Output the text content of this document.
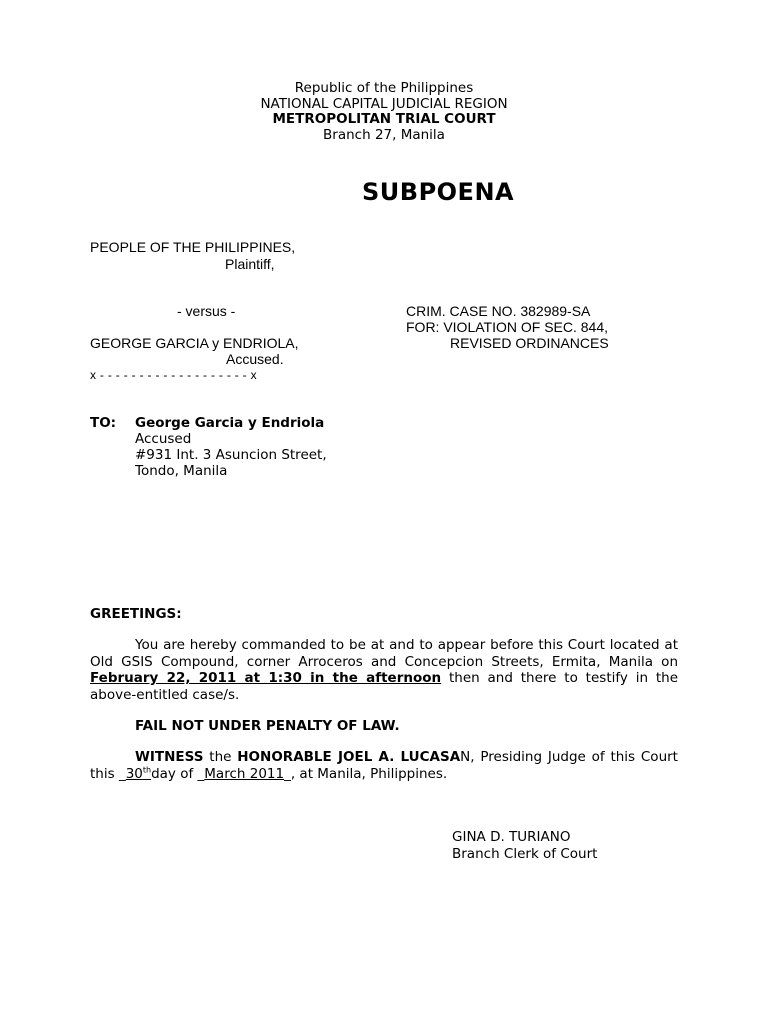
Republic of the Philippines
NATIONAL CAPITAL JUDICIAL REGION
METROPOLITAN TRIAL COURT
Branch 27, Manila
SUBPOENA
PEOPLE OF THE PHILIPPINES,
Plaintiff,
- versus -
GEORGE GARCIA y ENDRIOLA,
Accused.
x - - - - - - - - - - - - - - - - - - - x
CRIM. CASE NO. 382989-SA
FOR: VIOLATION OF SEC. 844,
REVISED ORDINANCES
TO: George Garcia y Endriola
Accused
#931 Int. 3 Asuncion Street,
Tondo, Manila
GREETINGS:
You are hereby commanded to be at and to appear before this Court located at Old GSIS Compound, corner Arroceros and Concepcion Streets, Ermita, Manila on February 22, 2011 at 1:30 in the afternoon then and there to testify in the above-entitled case/s.
FAIL NOT UNDER PENALTY OF LAW.
WITNESS the HONORABLE JOEL A. LUCASAN, Presiding Judge of this Court this _30thday of _March 2011_, at Manila, Philippines.
GINA D. TURIANO
Branch Clerk of Court
